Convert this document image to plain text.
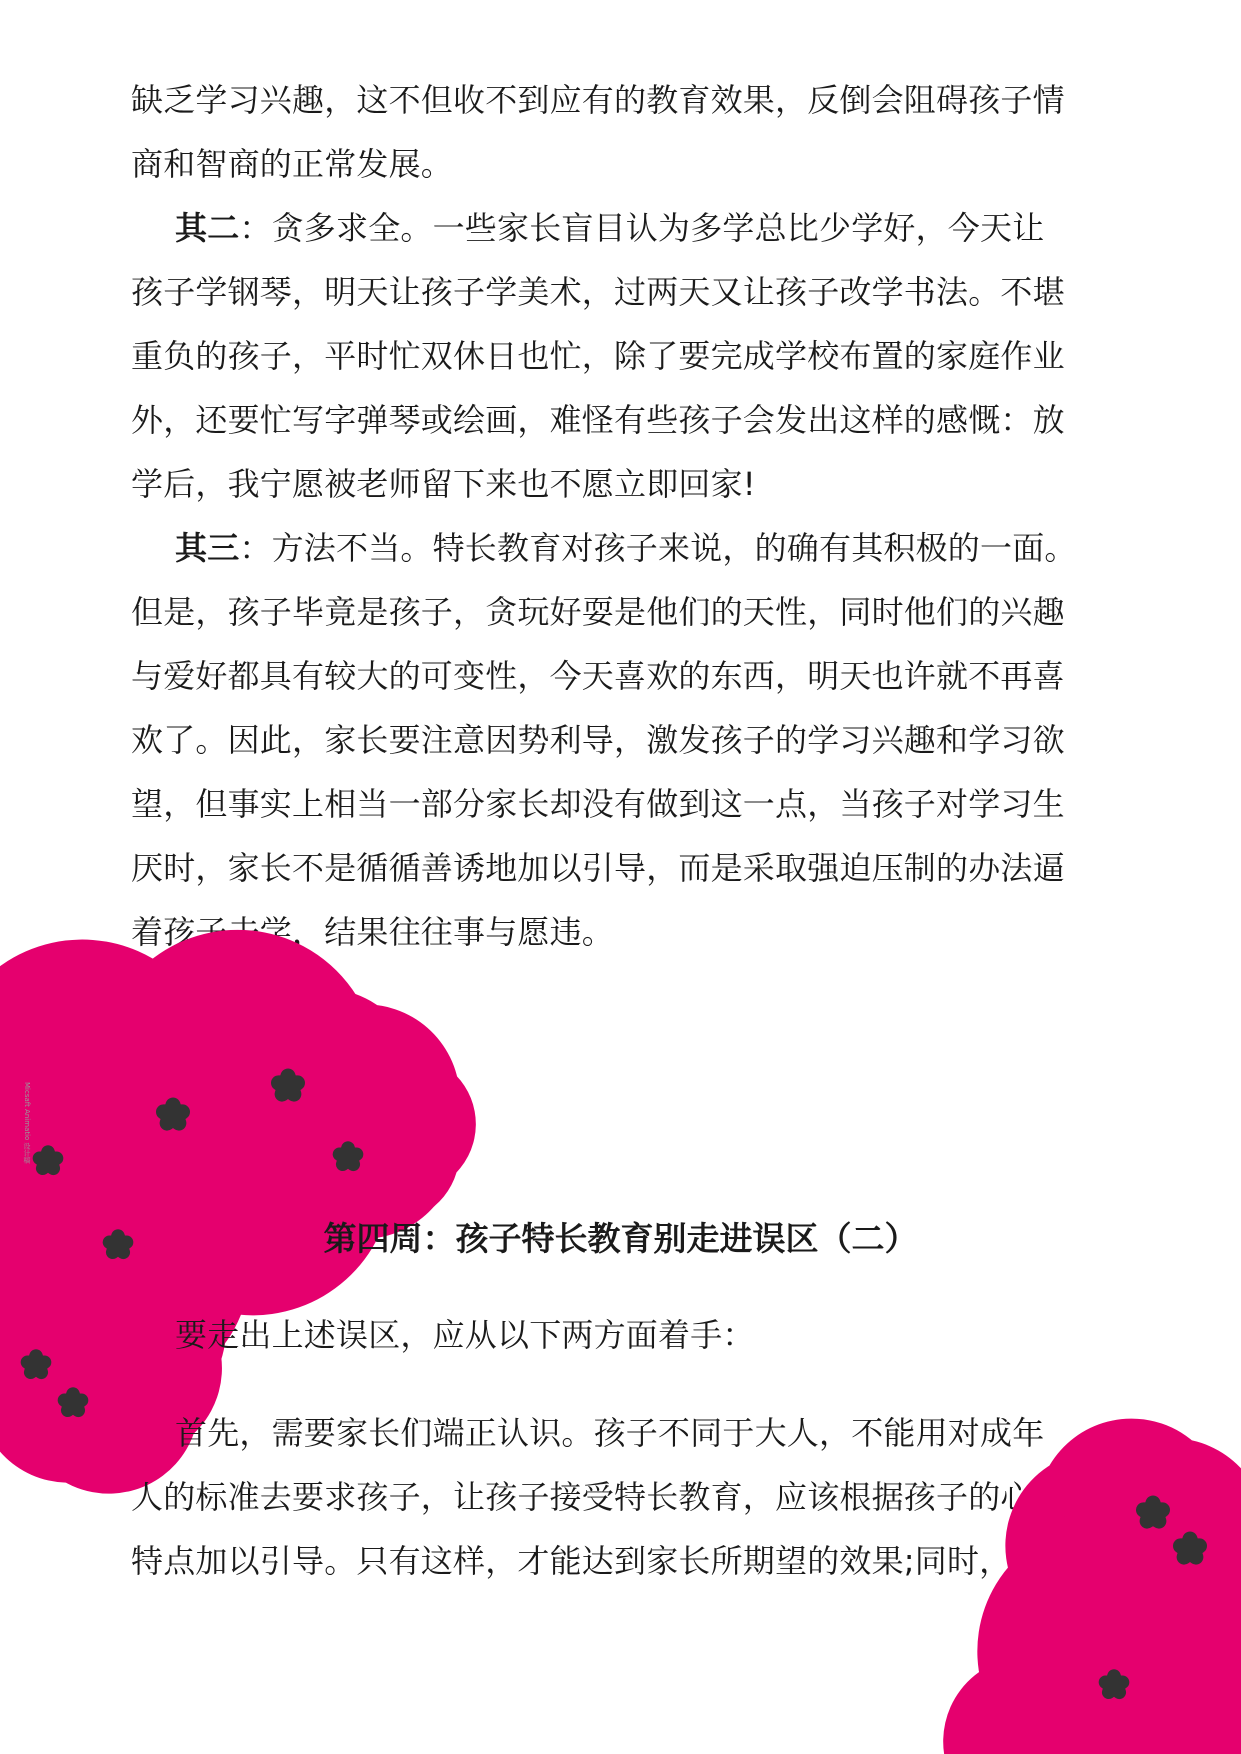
缺乏学习兴趣，这不但收不到应有的教育效果，反倒会阻碍孩子情
商和智商的正常发展。
其二：贪多求全。一些家长盲目认为多学总比少学好，今天让
孩子学钢琴，明天让孩子学美术，过两天又让孩子改学书法。不堪
重负的孩子，平时忙双休日也忙，除了要完成学校布置的家庭作业
外，还要忙写字弹琴或绘画，难怪有些孩子会发出这样的感慨：放
学后，我宁愿被老师留下来也不愿立即回家!
其三：方法不当。特长教育对孩子来说，的确有其积极的一面。
但是，孩子毕竟是孩子，贪玩好耍是他们的天性，同时他们的兴趣
与爱好都具有较大的可变性，今天喜欢的东西，明天也许就不再喜
欢了。因此，家长要注意因势利导，激发孩子的学习兴趣和学习欲
望，但事实上相当一部分家长却没有做到这一点，当孩子对学习生
厌时，家长不是循循善诱地加以引导，而是采取强迫压制的办法逼
着孩子去学，结果往往事与愿违。
Micsaft Animatio 设计稿
第四周：孩子特长教育别走进误区（二）
要走出上述误区，应从以下两方面着手：
首先，需要家长们端正认识。孩子不同于大人，不能用对成年
人的标准去要求孩子，让孩子接受特长教育，应该根据孩子的心理
特点加以引导。只有这样，才能达到家长所期望的效果;同时，家
